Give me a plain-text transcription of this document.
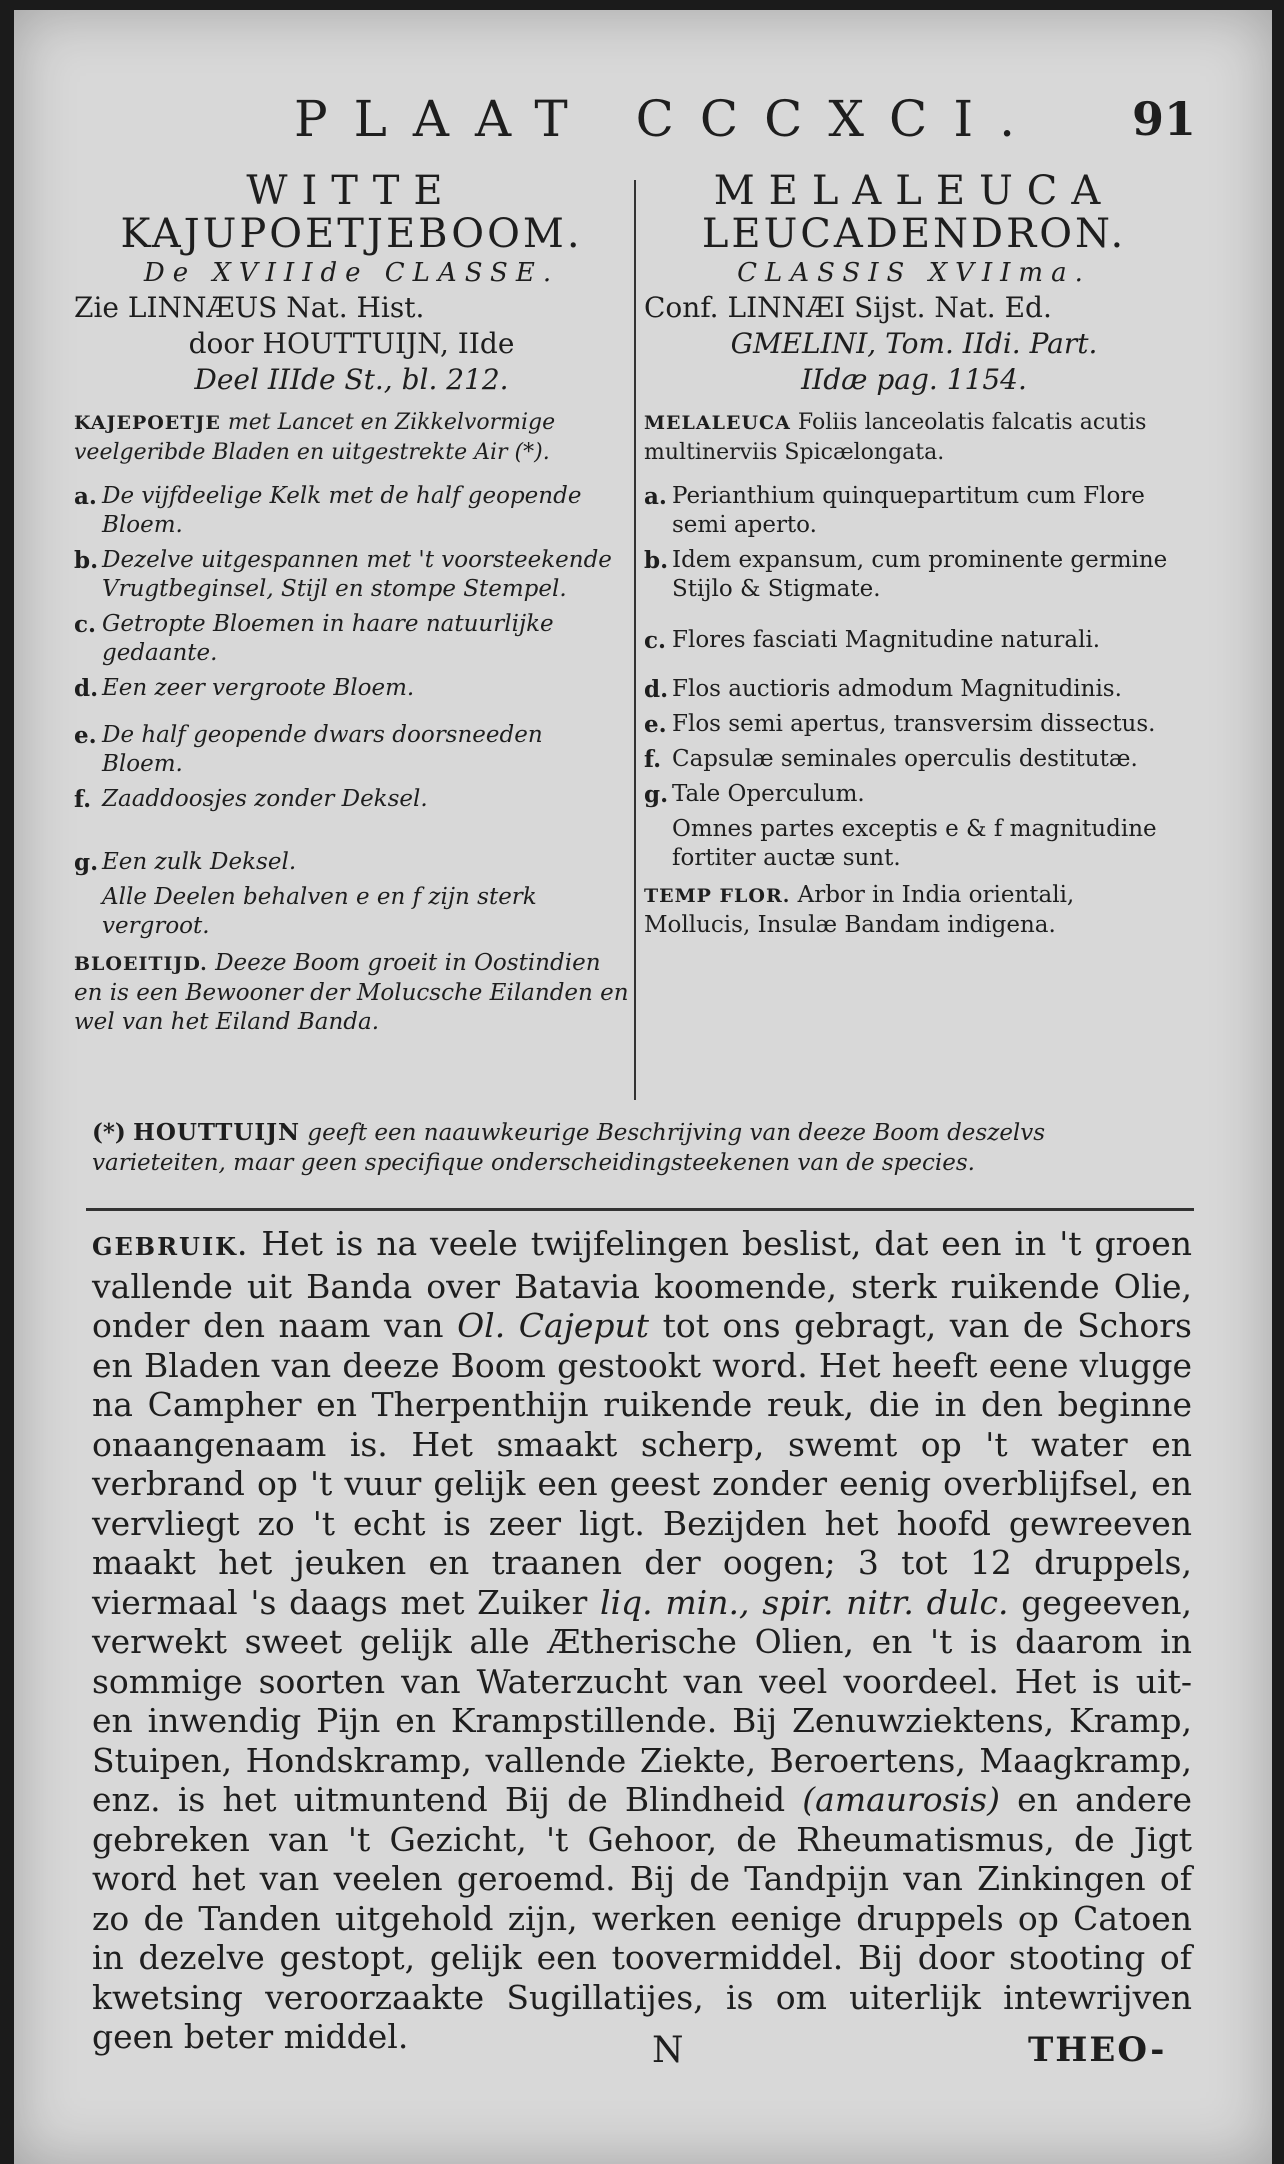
PLAAT CCCXCI. 91
WITTE
KAJUPOETJEBOOM.
De XVIIIde CLASSE.
Zie LINNÆUS Nat. Hist.
door HOUTTUIJN, IIde
Deel IIIde St., bl. 212.
KAJEPOETJE met Lancet en Zikkelvormige veelgeribde Bladen en uitgestrekte Air (*).
a. De vijfdeelige Kelk met de half geopende Bloem.
b. Dezelve uitgespannen met 't voorsteekende Vrugtbeginsel, Stijl en stompe Stempel.
c. Getropte Bloemen in haare natuurlijke gedaante.
d. Een zeer vergroote Bloem.
e. De half geopende dwars doorsneeden Bloem.
f. Zaaddoosjes zonder Deksel.
g. Een zulk Deksel.
Alle Deelen behalven e en f zijn sterk vergroot.
BLOEITIJD. Deeze Boom groeit in Oostindien en is een Bewooner der Molucsche Eilanden en wel van het Eiland Banda.
MELALEUCA
LEUCADENDRON.
CLASSIS XVIIma.
Conf. LINNÆI Sijst. Nat. Ed.
GMELINI, Tom. IIdi. Part.
IIdæ pag. 1154.
MELALEUCA Foliis lanceolatis falcatis acutis multinerviis Spicælongata.
a. Perianthium quinquepartitum cum Flore semi aperto.
b. Idem expansum, cum prominente germine Stijlo & Stigmate.
c. Flores fasciati Magnitudine naturali.
d. Flos auctioris admodum Magnitudinis.
e. Flos semi apertus, transversim dissectus.
f. Capsulæ seminales operculis destitutæ.
g. Tale Operculum.
Omnes partes exceptis e & f magnitudine fortiter auctæ sunt.
TEMP FLOR. Arbor in India orientali, Mollucis, Insulæ Bandam indigena.
(*) HOUTTUIJN geeft een naauwkeurige Beschrijving van deeze Boom deszelvs varieteiten, maar geen specifique onderscheidingsteekenen van de species.
GEBRUIK. Het is na veele twijfelingen beslist, dat een in 't groen vallende uit Banda over Batavia koomende, sterk ruikende Olie, onder den naam van Ol. Cajeput tot ons gebragt, van de Schors en Bladen van deeze Boom gestookt word. Het heeft eene vlugge na Campher en Therpenthijn ruikende reuk, die in den beginne onaangenaam is. Het smaakt scherp, swemt op 't water en verbrand op 't vuur gelijk een geest zonder eenig overblijfsel, en vervliegt zo 't echt is zeer ligt. Bezijden het hoofd gewreeven maakt het jeuken en traanen der oogen; 3 tot 12 druppels, viermaal 's daags met Zuiker liq. min., spir. nitr. dulc. gegeeven, verwekt sweet gelijk alle Ætherische Olien, en 't is daarom in sommige soorten van Waterzucht van veel voordeel. Het is uit- en inwendig Pijn en Krampstillende. Bij Zenuwziektens, Kramp, Stuipen, Hondskramp, vallende Ziekte, Beroertens, Maagkramp, enz. is het uitmuntend Bij de Blindheid (amaurosis) en andere gebreken van 't Gezicht, 't Gehoor, de Rheumatismus, de Jigt word het van veelen geroemd. Bij de Tandpijn van Zinkingen of zo de Tanden uitgehold zijn, werken eenige druppels op Catoen in dezelve gestopt, gelijk een toovermiddel. Bij door stooting of kwetsing veroorzaakte Sugillatijes, is om uiterlijk intewrijven geen beter middel.	N	THEO-
